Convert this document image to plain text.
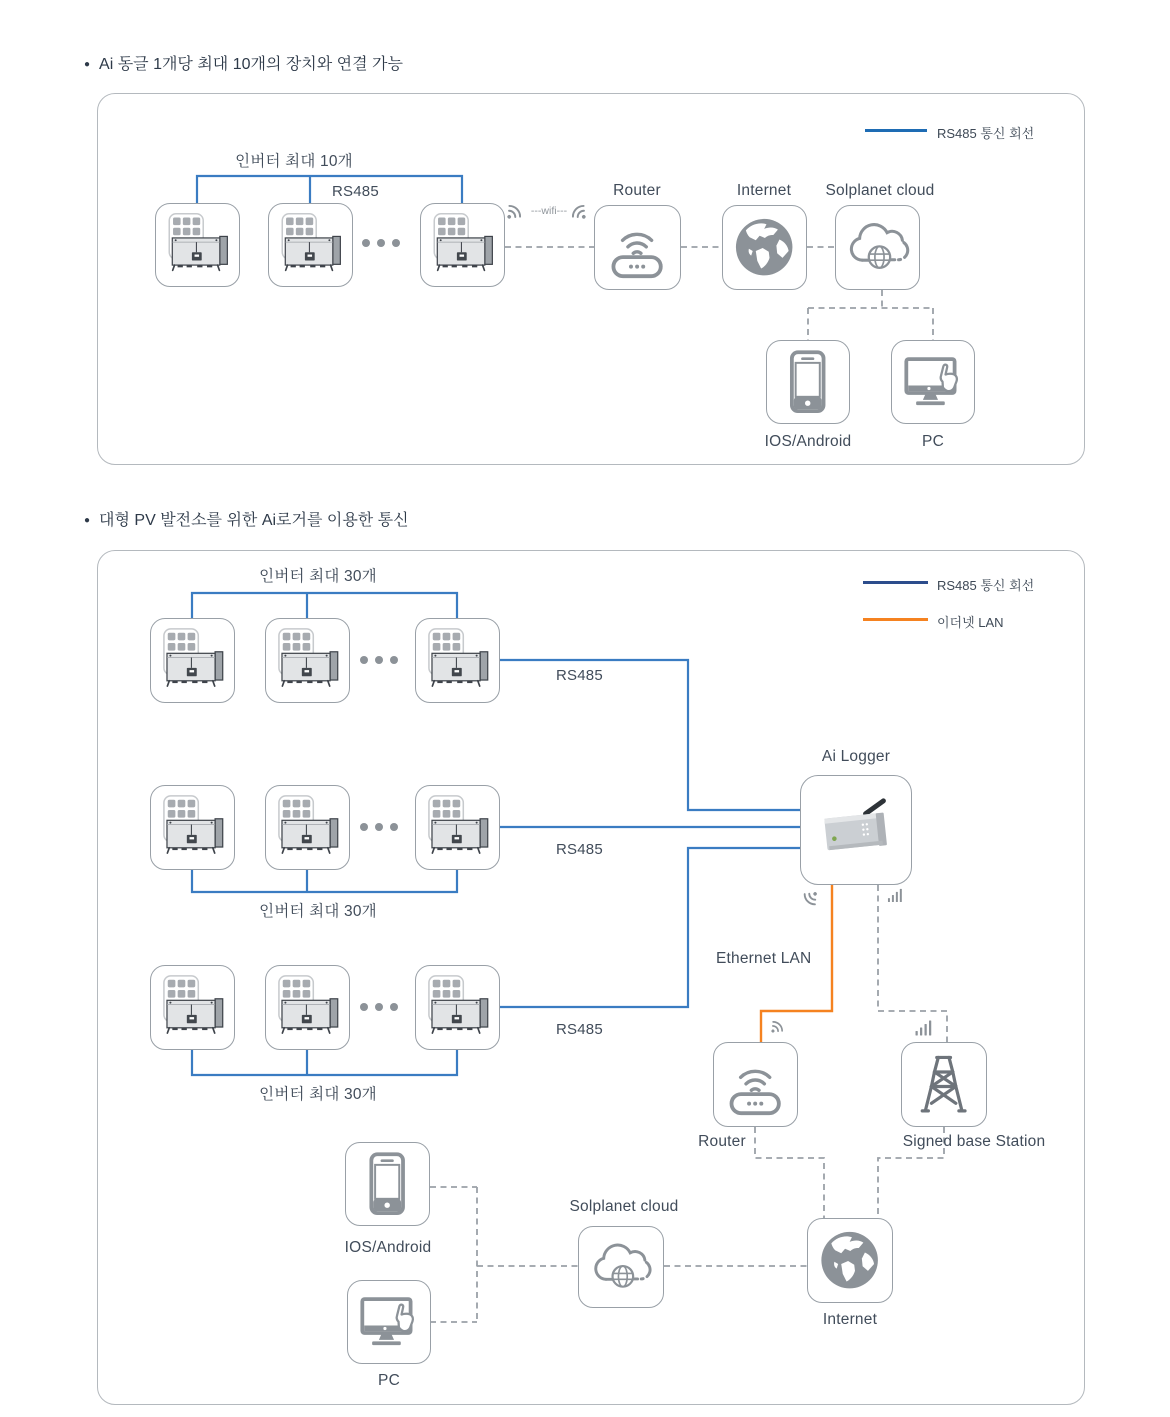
● Ai 동글 1개당 최대 10개의 장치와 연결 가능
● 대형 PV 발전소를 위한 Ai로거를 이용한 통신
RS485 통신 회선
인버터 최대 10개
RS485
---wifi---
Router	Internet Solplanet cloud
IOS/Android	PC
RS485 통신 회선
이더넷 LAN
인버터 최대 30개
RS485
RS485
인버터 최대 30개
RS485
인버터 최대 30개
Ai Logger
Ethernet LAN
Router	Signed base Station
IOS/Android
PC
Solplanet cloud
Internet
